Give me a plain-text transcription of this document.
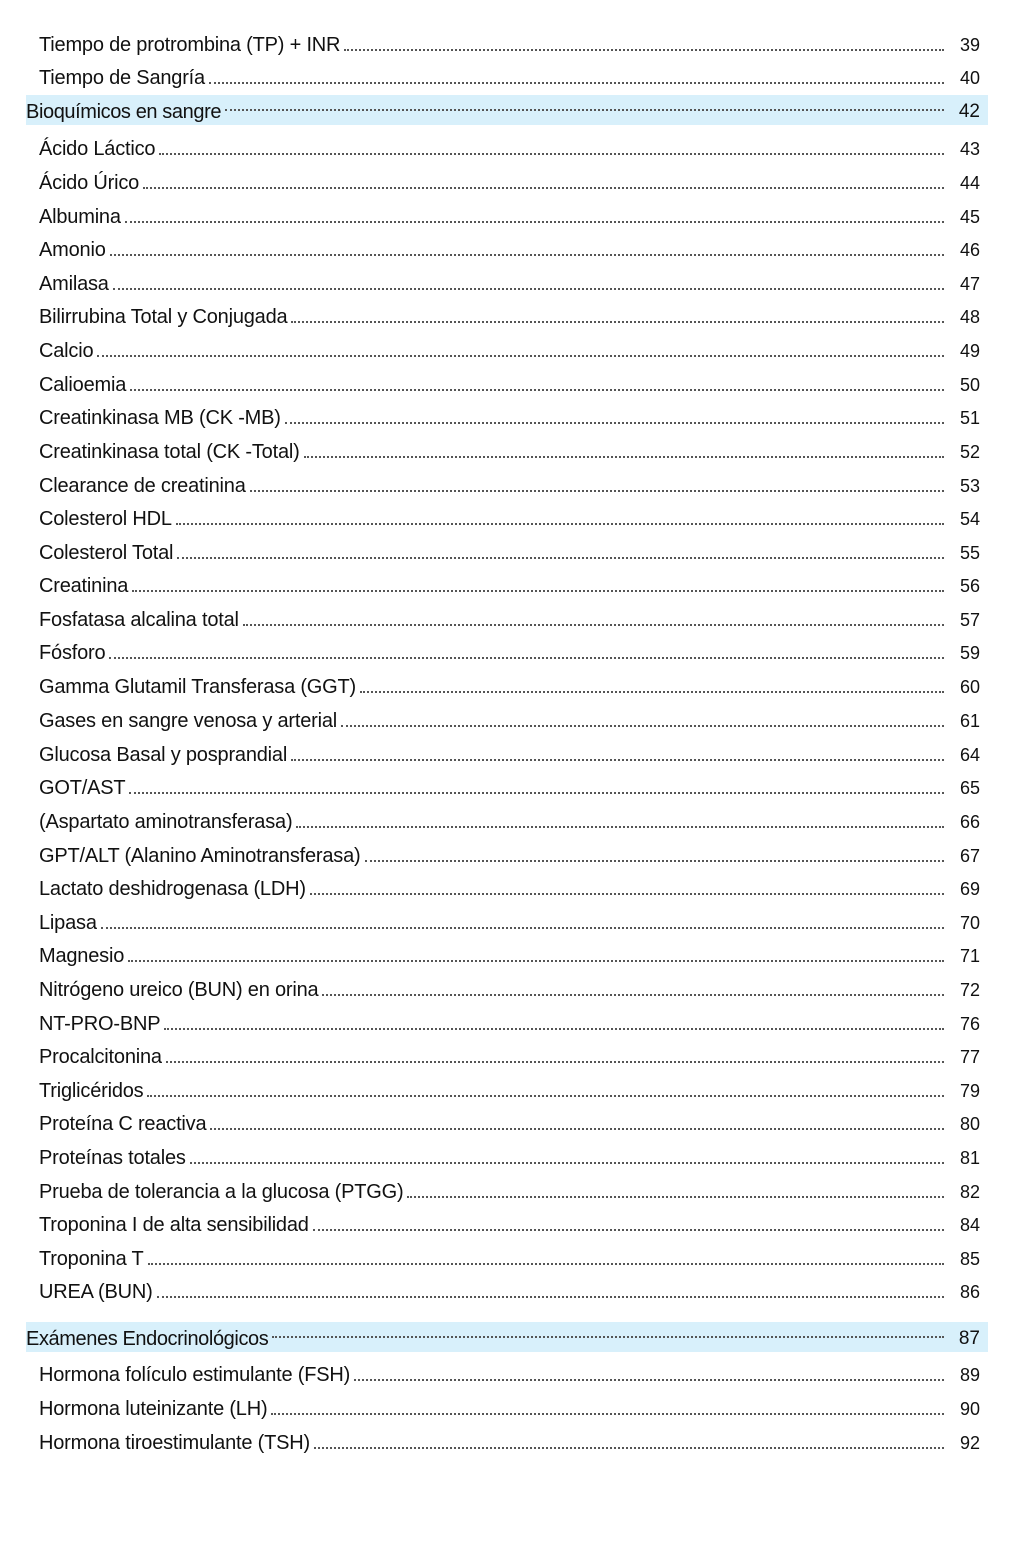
Tiempo de protrombina (TP) + INR	39
Tiempo de Sangría	40
Bioquímicos en sangre	42
Ácido Láctico	43
Ácido Úrico	44
Albumina	45
Amonio	46
Amilasa	47
Bilirrubina Total y Conjugada	48
Calcio	49
Calioemia	50
Creatinkinasa MB (CK -MB)	51
Creatinkinasa total (CK -Total)	52
Clearance de creatinina	53
Colesterol HDL	54
Colesterol Total	55
Creatinina	56
Fosfatasa alcalina total	57
Fósforo	59
Gamma Glutamil Transferasa (GGT)	60
Gases en sangre venosa y arterial	61
Glucosa Basal y posprandial	64
GOT/AST	65
(Aspartato aminotransferasa)	66
GPT/ALT (Alanino Aminotransferasa)	67
Lactato deshidrogenasa (LDH)	69
Lipasa	70
Magnesio	71
Nitrógeno ureico (BUN) en orina	72
NT-PRO-BNP	76
Procalcitonina	77
Triglicéridos	79
Proteína C reactiva	80
Proteínas totales	81
Prueba de tolerancia a la glucosa (PTGG)	82
Troponina I de alta sensibilidad	84
Troponina T	85
UREA (BUN)	86
Exámenes Endocrinológicos	87
Hormona folículo estimulante (FSH)	89
Hormona luteinizante (LH)	90
Hormona tiroestimulante (TSH)	92
